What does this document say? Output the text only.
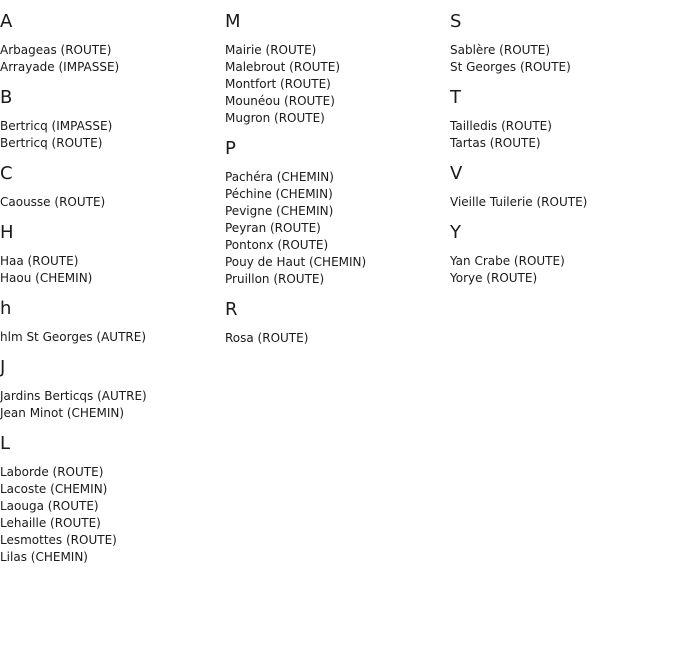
A
Arbageas (ROUTE)
Arrayade (IMPASSE)
B
Bertricq (IMPASSE)
Bertricq (ROUTE)
C
Caousse (ROUTE)
H
Haa (ROUTE)
Haou (CHEMIN)
h
hlm St Georges (AUTRE)
J
Jardins Berticqs (AUTRE)
Jean Minot (CHEMIN)
L
Laborde (ROUTE)
Lacoste (CHEMIN)
Laouga (ROUTE)
Lehaille (ROUTE)
Lesmottes (ROUTE)
Lilas (CHEMIN)
M
Mairie (ROUTE)
Malebrout (ROUTE)
Montfort (ROUTE)
Mounéou (ROUTE)
Mugron (ROUTE)
P
Pachéra (CHEMIN)
Péchine (CHEMIN)
Pevigne (CHEMIN)
Peyran (ROUTE)
Pontonx (ROUTE)
Pouy de Haut (CHEMIN)
Pruillon (ROUTE)
R
Rosa (ROUTE)
S
Sablère (ROUTE)
St Georges (ROUTE)
T
Tailledis (ROUTE)
Tartas (ROUTE)
V
Vieille Tuilerie (ROUTE)
Y
Yan Crabe (ROUTE)
Yorye (ROUTE)
